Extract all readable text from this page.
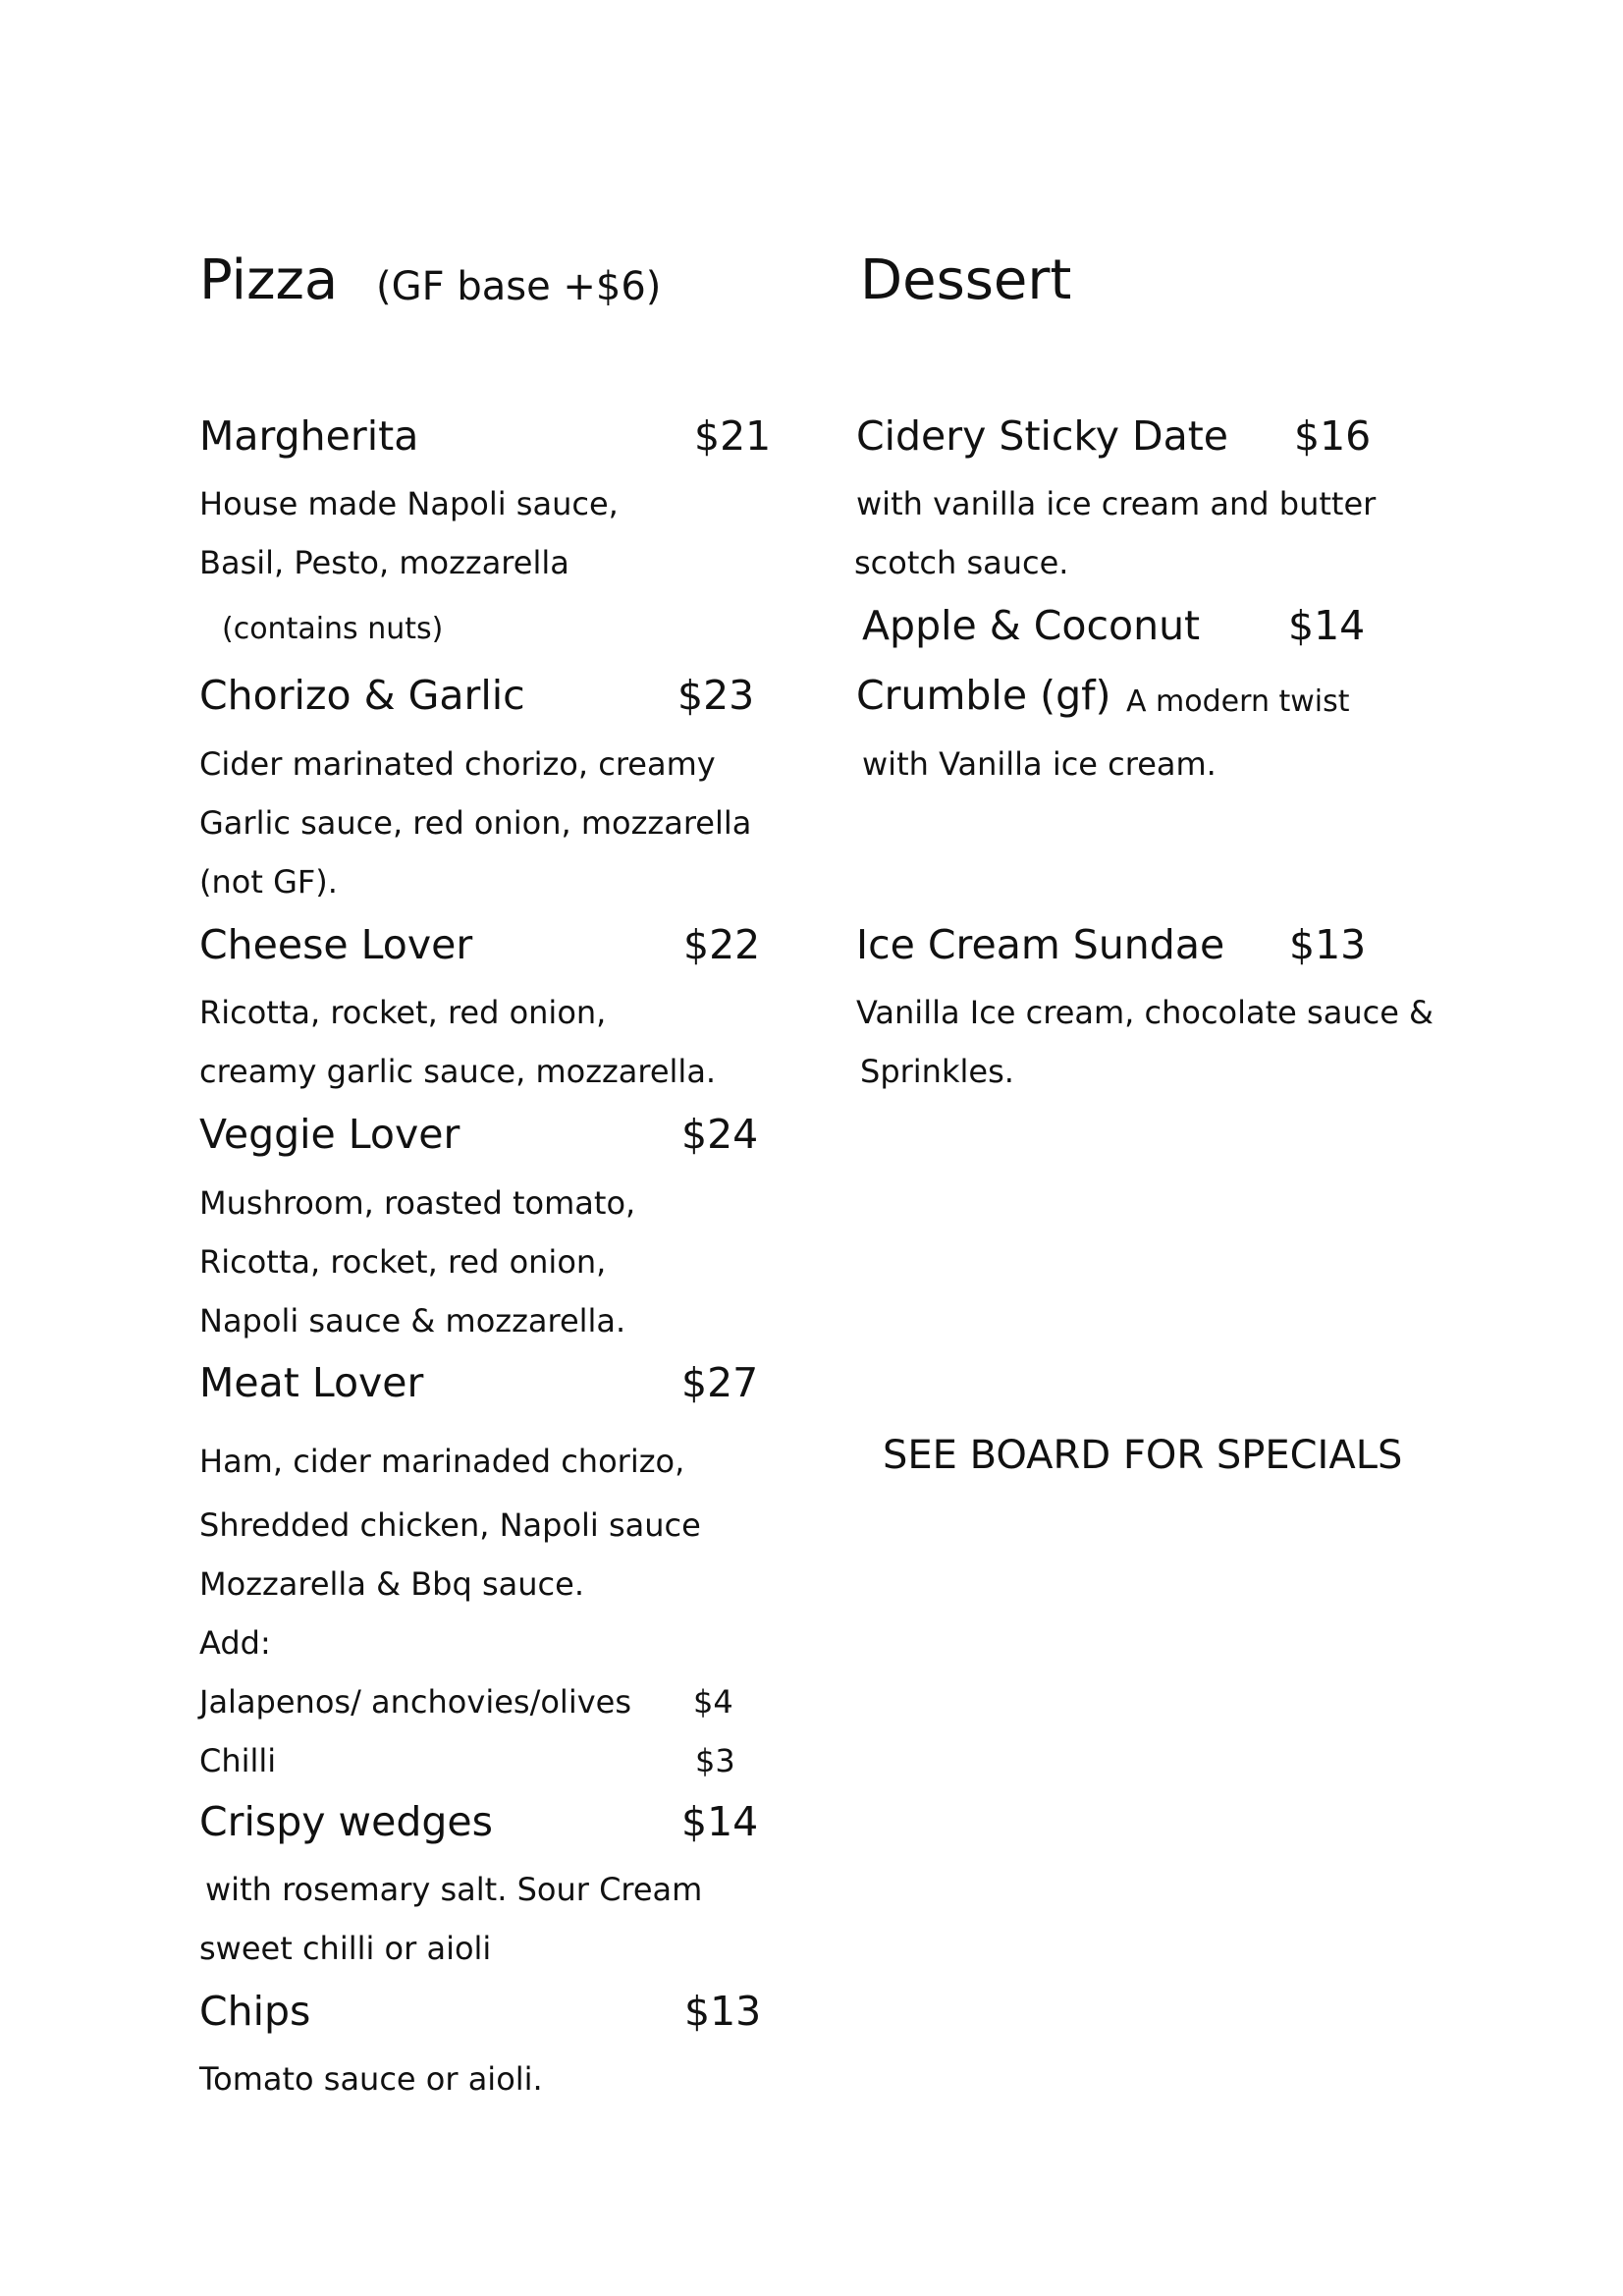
Pizza (GF base +$6)
Margherita	$21
House made Napoli sauce,
Basil, Pesto, mozzarella
(contains nuts)
Chorizo & Garlic	$23
Cider marinated chorizo, creamy
Garlic sauce, red onion, mozzarella
(not GF).
Cheese Lover	$22
Ricotta, rocket, red onion,
creamy garlic sauce, mozzarella.
Veggie Lover	$24
Mushroom, roasted tomato,
Ricotta, rocket, red onion,
Napoli sauce & mozzarella.
Meat Lover	$27
Ham, cider marinaded chorizo,
Shredded chicken, Napoli sauce
Mozzarella & Bbq sauce.
Add:
Jalapenos/ anchovies/olives $4
Chilli	$3
Crispy wedges	$14
with rosemary salt. Sour Cream
sweet chilli or aioli
Chips	$13
Tomato sauce or aioli.
Dessert
Cidery Sticky Date $16
with vanilla ice cream and butter
scotch sauce.
Apple & Coconut $14
Crumble (gf) A modern twist
with Vanilla ice cream.
Ice Cream Sundae $13
Vanilla Ice cream, chocolate sauce &
Sprinkles.
SEE BOARD FOR SPECIALS
